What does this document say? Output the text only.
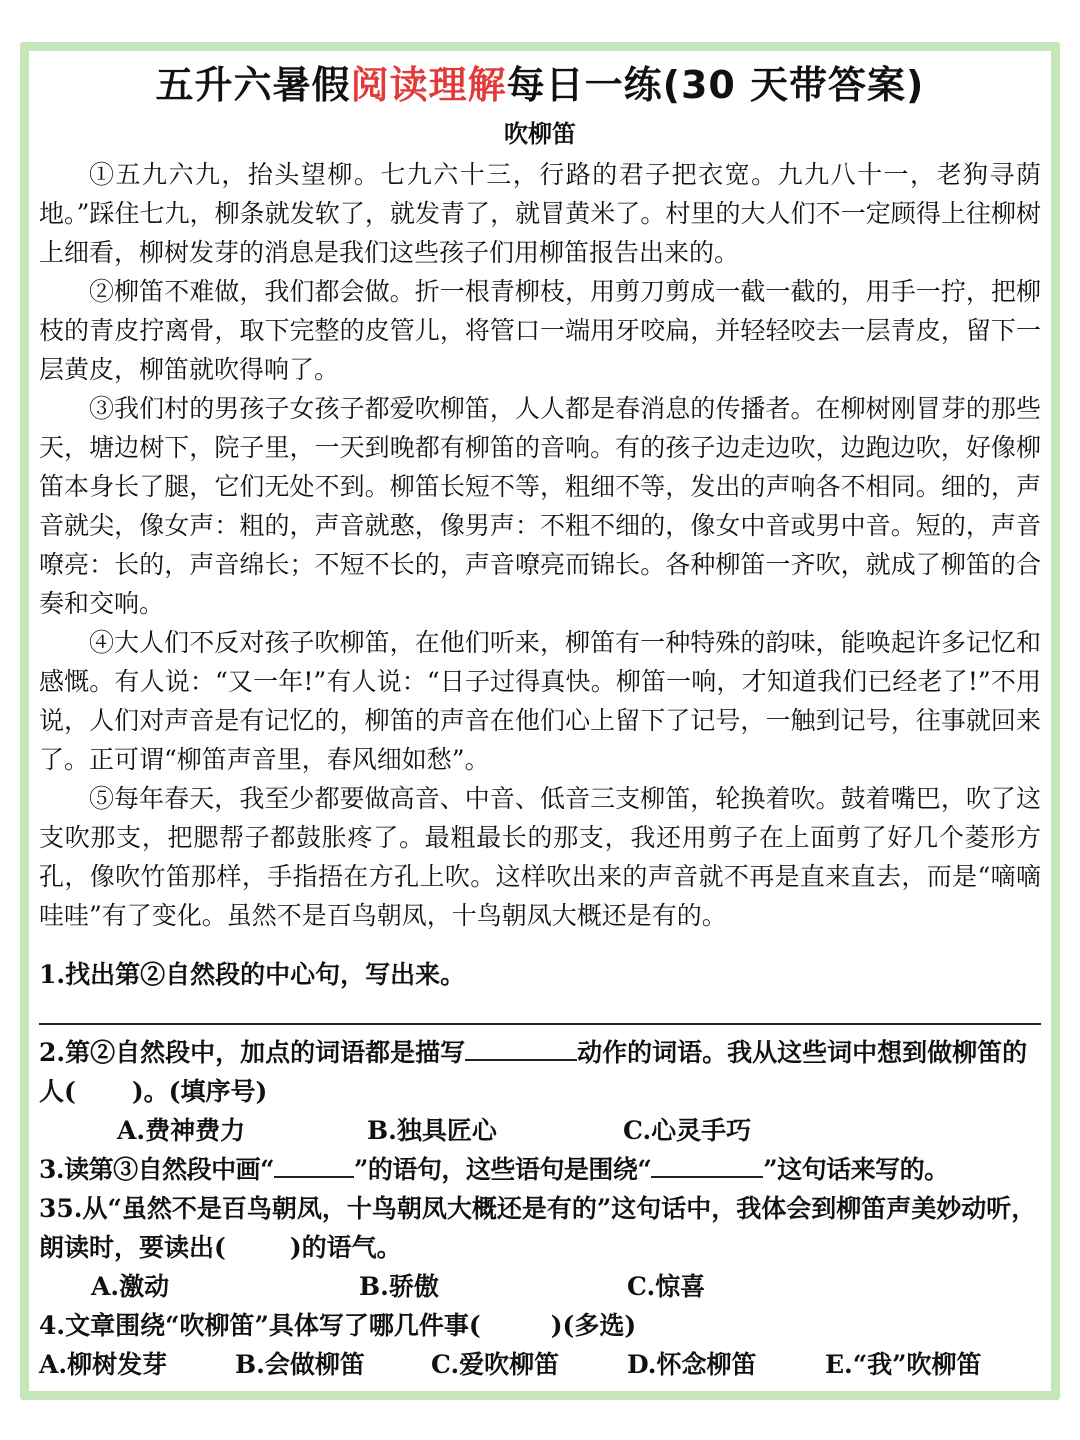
五升六暑假阅读理解每日一练(30 天带答案)
吹柳笛

①五九六九，抬头望柳。七九六十三，行路的君子把衣宽。九九八十一，老狗寻荫地。”踩住七九，柳条就发软了，就发青了，就冒黄米了。村里的大人们不一定顾得上往柳树上细看，柳树发芽的消息是我们这些孩子们用柳笛报告出来的。

②柳笛不难做，我们都会做。折一根青柳枝，用剪刀剪成一截一截的，用手一拧，把柳枝的青皮拧离骨，取下完整的皮管儿，将管口一端用牙咬扁，并轻轻咬去一层青皮，留下一层黄皮，柳笛就吹得响了。

③我们村的男孩子女孩子都爱吹柳笛，人人都是春消息的传播者。在柳树刚冒芽的那些天，塘边树下，院子里，一天到晚都有柳笛的音响。有的孩子边走边吹，边跑边吹，好像柳笛本身长了腿，它们无处不到。柳笛长短不等，粗细不等，发出的声响各不相同。细的，声音就尖，像女声：粗的，声音就憨，像男声：不粗不细的，像女中音或男中音。短的，声音嘹亮：长的，声音绵长；不短不长的，声音嘹亮而锦长。各种柳笛一齐吹，就成了柳笛的合奏和交响。

④大人们不反对孩子吹柳笛，在他们听来，柳笛有一种特殊的韵味，能唤起许多记忆和感慨。有人说：“又一年!”有人说：“日子过得真快。柳笛一响，才知道我们已经老了!”不用说，人们对声音是有记忆的，柳笛的声音在他们心上留下了记号，一触到记号，往事就回来了。正可谓“柳笛声音里，春风细如愁”。

⑤每年春天，我至少都要做高音、中音、低音三支柳笛，轮换着吹。鼓着嘴巴，吹了这支吹那支，把腮帮子都鼓胀疼了。最粗最长的那支，我还用剪子在上面剪了好几个菱形方孔，像吹竹笛那样，手指捂在方孔上吹。这样吹出来的声音就不再是直来直去，而是“嘀嘀哇哇”有了变化。虽然不是百鸟朝凤，十鸟朝凤大概还是有的。

1.找出第②自然段的中心句，写出来。
2.第②自然段中，加点的词语都是描写	动作的词语。我从这些词中想到做柳笛的人( )。(填序号)
A.费神费力	B.独具匠心	C.心灵手巧
3.读第③自然段中画“	”的语句，这些语句是围绕“	”这句话来写的。
35.从“虽然不是百鸟朝凤，十鸟朝凤大概还是有的”这句话中，我体会到柳笛声美妙动听，朗读时，要读出(	)的语气。
A.激动	B.骄傲	C.惊喜
4.文章围绕“吹柳笛”具体写了哪几件事(	)(多选)
A.柳树发芽	B.会做柳笛	C.爱吹柳笛	D.怀念柳笛	E.“我”吹柳笛
